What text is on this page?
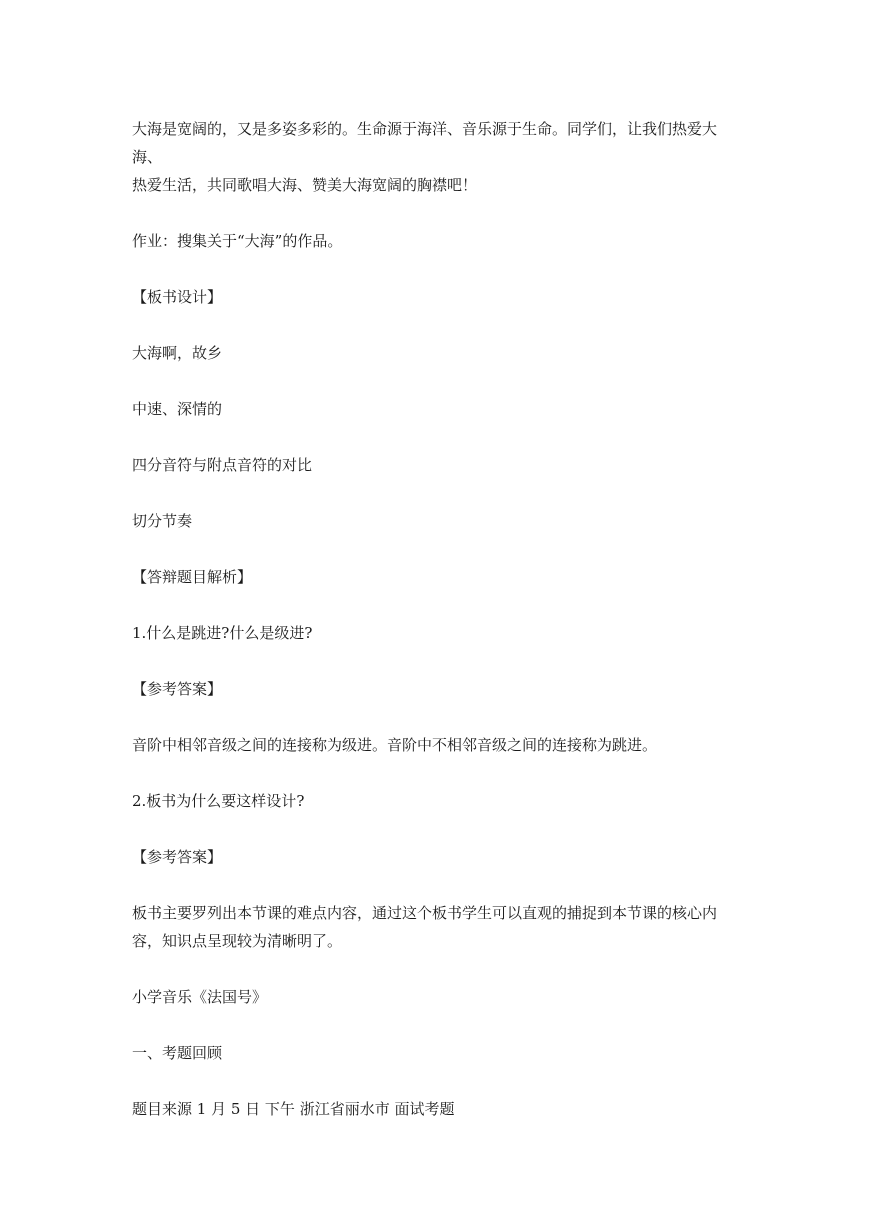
大海是宽阔的，又是多姿多彩的。生命源于海洋、音乐源于生命。同学们，让我们热爱大海、
热爱生活，共同歌唱大海、赞美大海宽阔的胸襟吧！

作业：搜集关于“大海”的作品。

【板书设计】

大海啊，故乡

中速、深情的

四分音符与附点音符的对比

切分节奏

【答辩题目解析】

1.什么是跳进?什么是级进?

【参考答案】

音阶中相邻音级之间的连接称为级进。音阶中不相邻音级之间的连接称为跳进。

2.板书为什么要这样设计?

【参考答案】

板书主要罗列出本节课的难点内容，通过这个板书学生可以直观的捕捉到本节课的核心内
容，知识点呈现较为清晰明了。

小学音乐《法国号》

一、考题回顾

题目来源 1 月 5 日 下午 浙江省丽水市 面试考题
